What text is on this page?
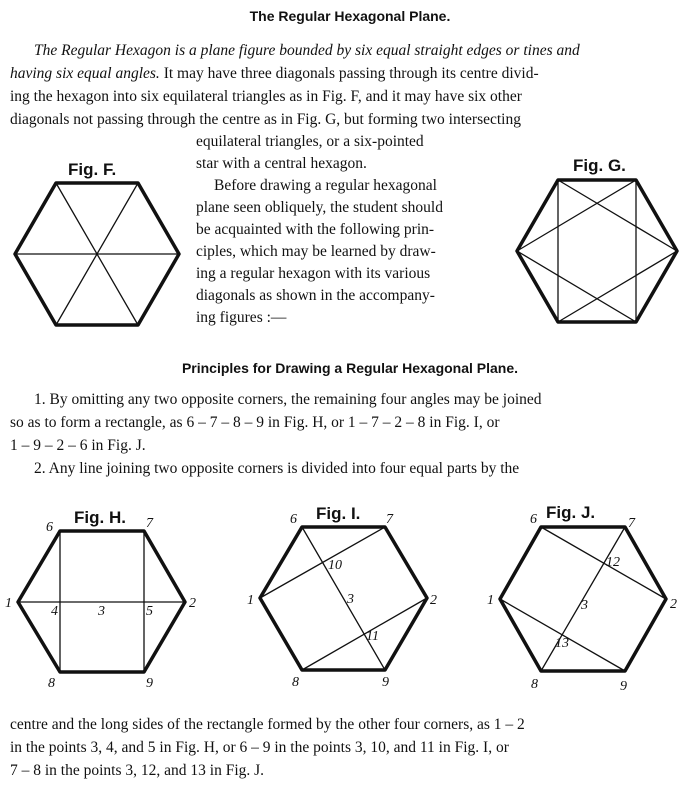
The Regular Hexagonal Plane.
The Regular Hexagon is a plane figure bounded by six equal straight edges or tines and
having six equal angles. It may have three diagonals passing through its centre divid-
ing the hexagon into six equilateral triangles as in Fig. F, and it may have six other
diagonals not passing through the centre as in Fig. G, but forming two intersecting
equilateral triangles, or a six-pointed
star with a central hexagon.
Before drawing a regular hexagonal
plane seen obliquely, the student should
be acquainted with the following prin-
ciples, which may be learned by draw-
ing a regular hexagon with its various
diagonals as shown in the accompany-
ing figures :—
Fig. F.	Fig. G.
Principles for Drawing a Regular Hexagonal Plane.
1. By omitting any two opposite corners, the remaining four angles may be joined
so as to form a rectangle, as 6 – 7 – 8 – 9 in Fig. H, or 1 – 7 – 2 – 8 in Fig. I, or
1 – 9 – 2 – 6 in Fig. J.
2. Any line joining two opposite corners is divided into four equal parts by the
Fig. H.
1	2
3
4	5
6	7
8	9
Fig. I.
1	2
3
6	7
8	9
10
11
Fig. J.
1	2
3
6	7
8	9
12
13
centre and the long sides of the rectangle formed by the other four corners, as 1 – 2
in the points 3, 4, and 5 in Fig. H, or 6 – 9 in the points 3, 10, and 11 in Fig. I, or
7 – 8 in the points 3, 12, and 13 in Fig. J.
